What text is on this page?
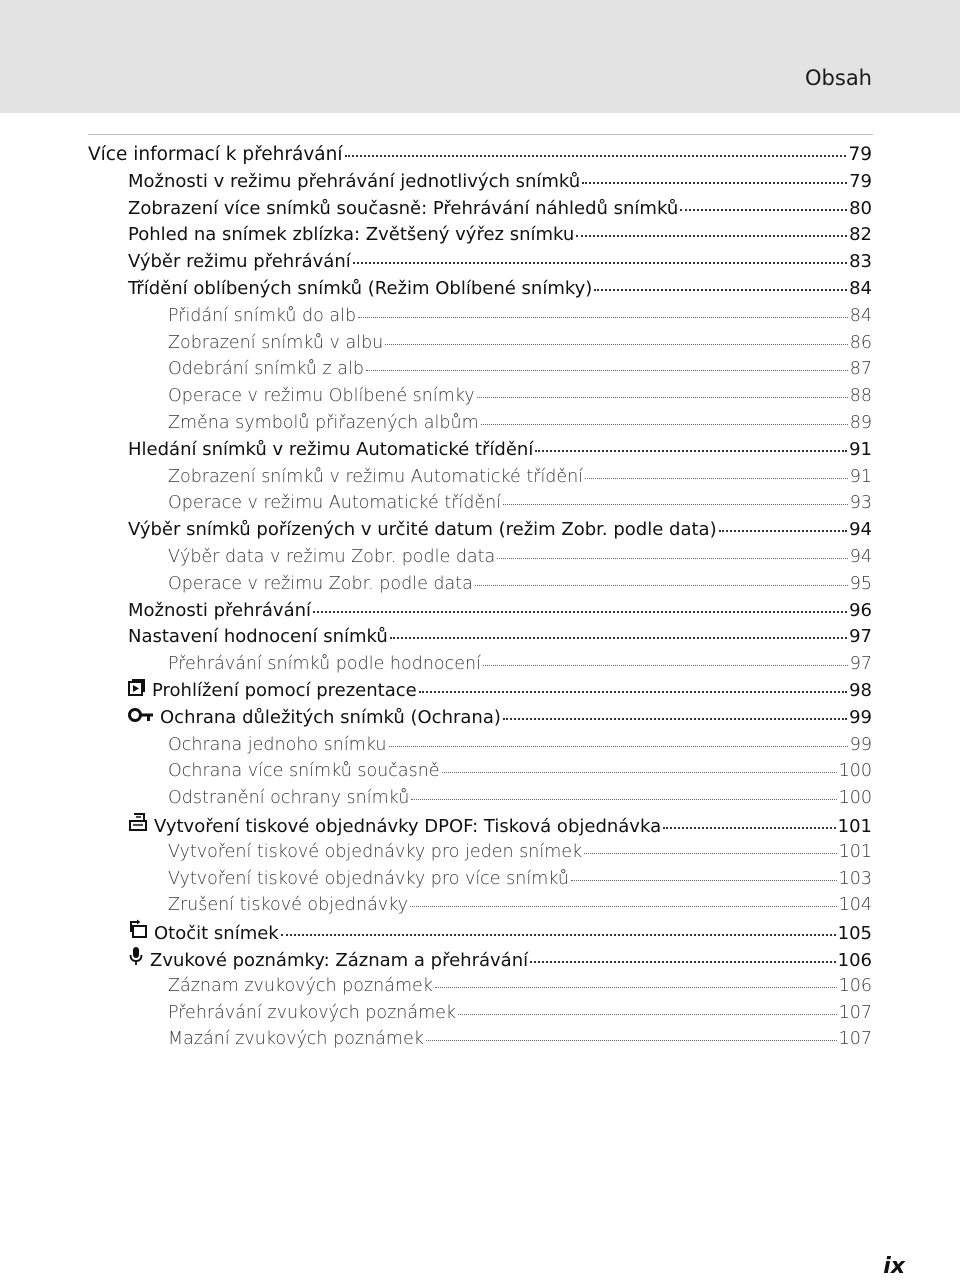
Obsah
Více informací k přehrávání	79
Možnosti v režimu přehrávání jednotlivých snímků	79
Zobrazení více snímků současně: Přehrávání náhledů snímků	80
Pohled na snímek zblízka: Zvětšený výřez snímku	82
Výběr režimu přehrávání	83
Třídění oblíbených snímků (Režim Oblíbené snímky)	84
Přidání snímků do alb	84
Zobrazení snímků v albu	86
Odebrání snímků z alb	87
Operace v režimu Oblíbené snímky	88
Změna symbolů přiřazených albům	89
Hledání snímků v režimu Automatické třídění	91
Zobrazení snímků v režimu Automatické třídění	91
Operace v režimu Automatické třídění	93
Výběr snímků pořízených v určité datum (režim Zobr. podle data)	94
Výběr data v režimu Zobr. podle data	94
Operace v režimu Zobr. podle data	95
Možnosti přehrávání	96
Nastavení hodnocení snímků	97
Přehrávání snímků podle hodnocení	97
Prohlížení pomocí prezentace	98
Ochrana důležitých snímků (Ochrana)	99
Ochrana jednoho snímku	99
Ochrana více snímků současně	100
Odstranění ochrany snímků	100
Vytvoření tiskové objednávky DPOF: Tisková objednávka	101
Vytvoření tiskové objednávky pro jeden snímek	101
Vytvoření tiskové objednávky pro více snímků	103
Zrušení tiskové objednávky	104
Otočit snímek	105
Zvukové poznámky: Záznam a přehrávání	106
Záznam zvukových poznámek	106
Přehrávání zvukových poznámek	107
Mazání zvukových poznámek	107
ix
